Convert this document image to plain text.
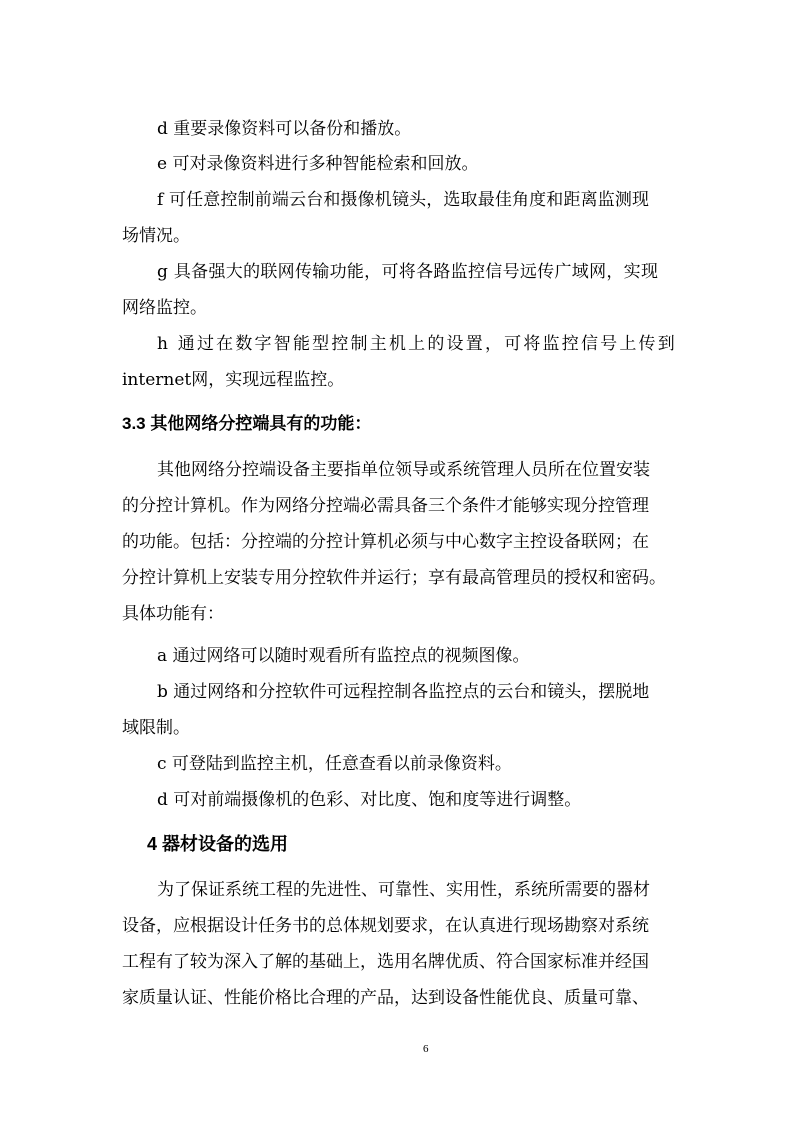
d 重要录像资料可以备份和播放。

e 可对录像资料进行多种智能检索和回放。

f 可任意控制前端云台和摄像机镜头，选取最佳角度和距离监测现

场情况。

g 具备强大的联网传输功能，可将各路监控信号远传广域网，实现

网络监控。

h 通过在数字智能型控制主机上的设置，可将监控信号上传到

internet网，实现远程监控。

3.3 其他网络分控端具有的功能：

其他网络分控端设备主要指单位领导或系统管理人员所在位置安装

的分控计算机。作为网络分控端必需具备三个条件才能够实现分控管理

的功能。包括：分控端的分控计算机必须与中心数字主控设备联网；在

分控计算机上安装专用分控软件并运行；享有最高管理员的授权和密码。

具体功能有：

a 通过网络可以随时观看所有监控点的视频图像。

b 通过网络和分控软件可远程控制各监控点的云台和镜头，摆脱地

域限制。

c 可登陆到监控主机，任意查看以前录像资料。

d 可对前端摄像机的色彩、对比度、饱和度等进行调整。

4 器材设备的选用

为了保证系统工程的先进性、可靠性、实用性，系统所需要的器材

设备，应根据设计任务书的总体规划要求，在认真进行现场勘察对系统

工程有了较为深入了解的基础上，选用名牌优质、符合国家标准并经国

家质量认证、性能价格比合理的产品，达到设备性能优良、质量可靠、

6
